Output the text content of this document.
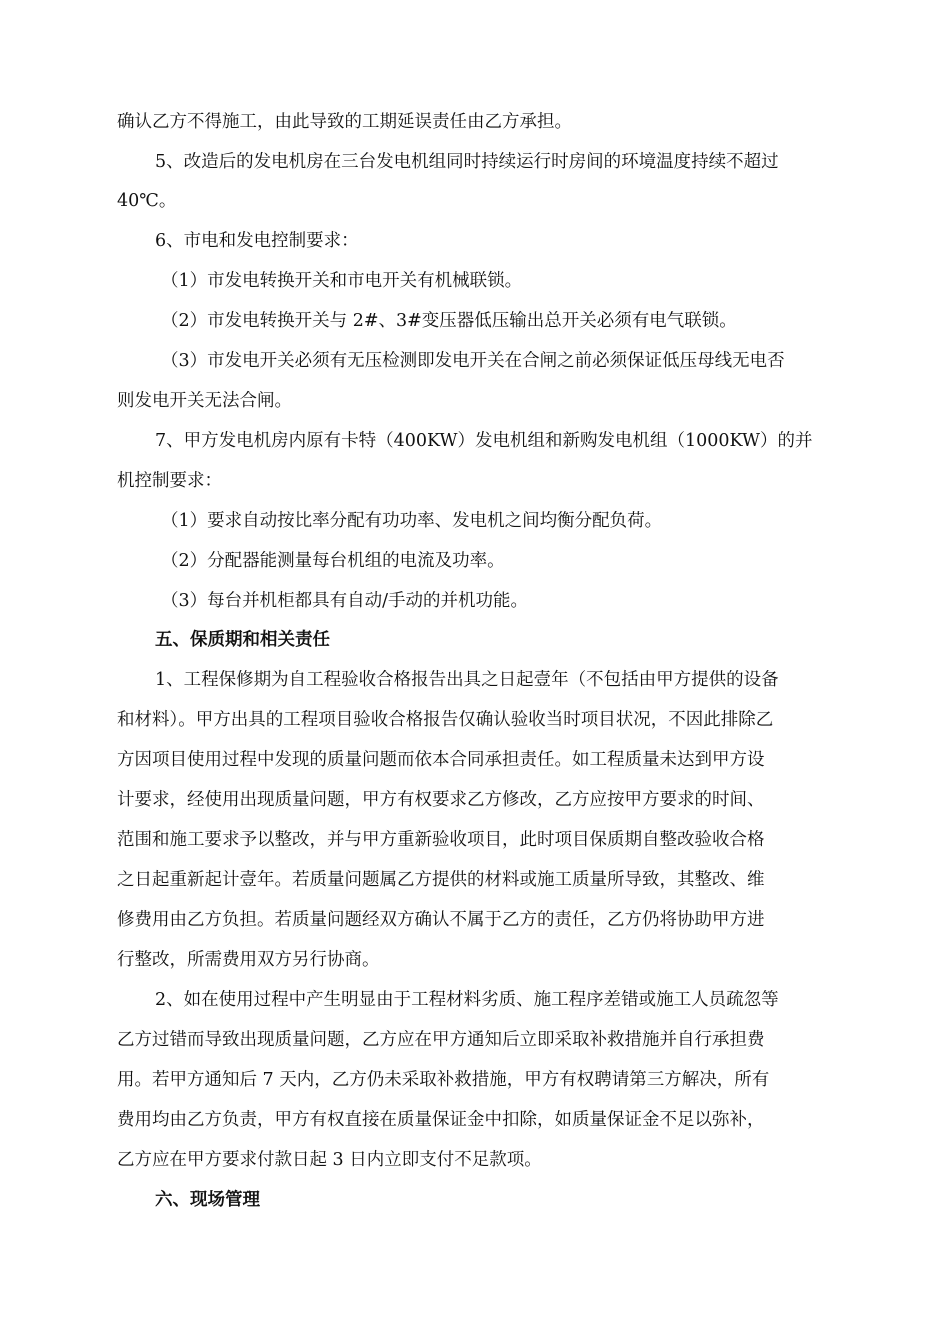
确认乙方不得施工，由此导致的工期延误责任由乙方承担。
5、改造后的发电机房在三台发电机组同时持续运行时房间的环境温度持续不超过
40℃。
6、市电和发电控制要求：
（1）市发电转换开关和市电开关有机械联锁。
（2）市发电转换开关与 2#、3#变压器低压输出总开关必须有电气联锁。
（3）市发电开关必须有无压检测即发电开关在合闸之前必须保证低压母线无电否
则发电开关无法合闸。
7、甲方发电机房内原有卡特（400KW）发电机组和新购发电机组（1000KW）的并
机控制要求：
（1）要求自动按比率分配有功功率、发电机之间均衡分配负荷。
（2）分配器能测量每台机组的电流及功率。
（3）每台并机柜都具有自动/手动的并机功能。
五、保质期和相关责任
1、工程保修期为自工程验收合格报告出具之日起壹年（不包括由甲方提供的设备
和材料）。甲方出具的工程项目验收合格报告仅确认验收当时项目状况，不因此排除乙
方因项目使用过程中发现的质量问题而依本合同承担责任。如工程质量未达到甲方设
计要求，经使用出现质量问题，甲方有权要求乙方修改，乙方应按甲方要求的时间、
范围和施工要求予以整改，并与甲方重新验收项目，此时项目保质期自整改验收合格
之日起重新起计壹年。若质量问题属乙方提供的材料或施工质量所导致，其整改、维
修费用由乙方负担。若质量问题经双方确认不属于乙方的责任，乙方仍将协助甲方进
行整改，所需费用双方另行协商。
2、如在使用过程中产生明显由于工程材料劣质、施工程序差错或施工人员疏忽等
乙方过错而导致出现质量问题，乙方应在甲方通知后立即采取补救措施并自行承担费
用。若甲方通知后 7 天内，乙方仍未采取补救措施，甲方有权聘请第三方解决，所有
费用均由乙方负责，甲方有权直接在质量保证金中扣除，如质量保证金不足以弥补，
乙方应在甲方要求付款日起 3 日内立即支付不足款项。
六、现场管理
